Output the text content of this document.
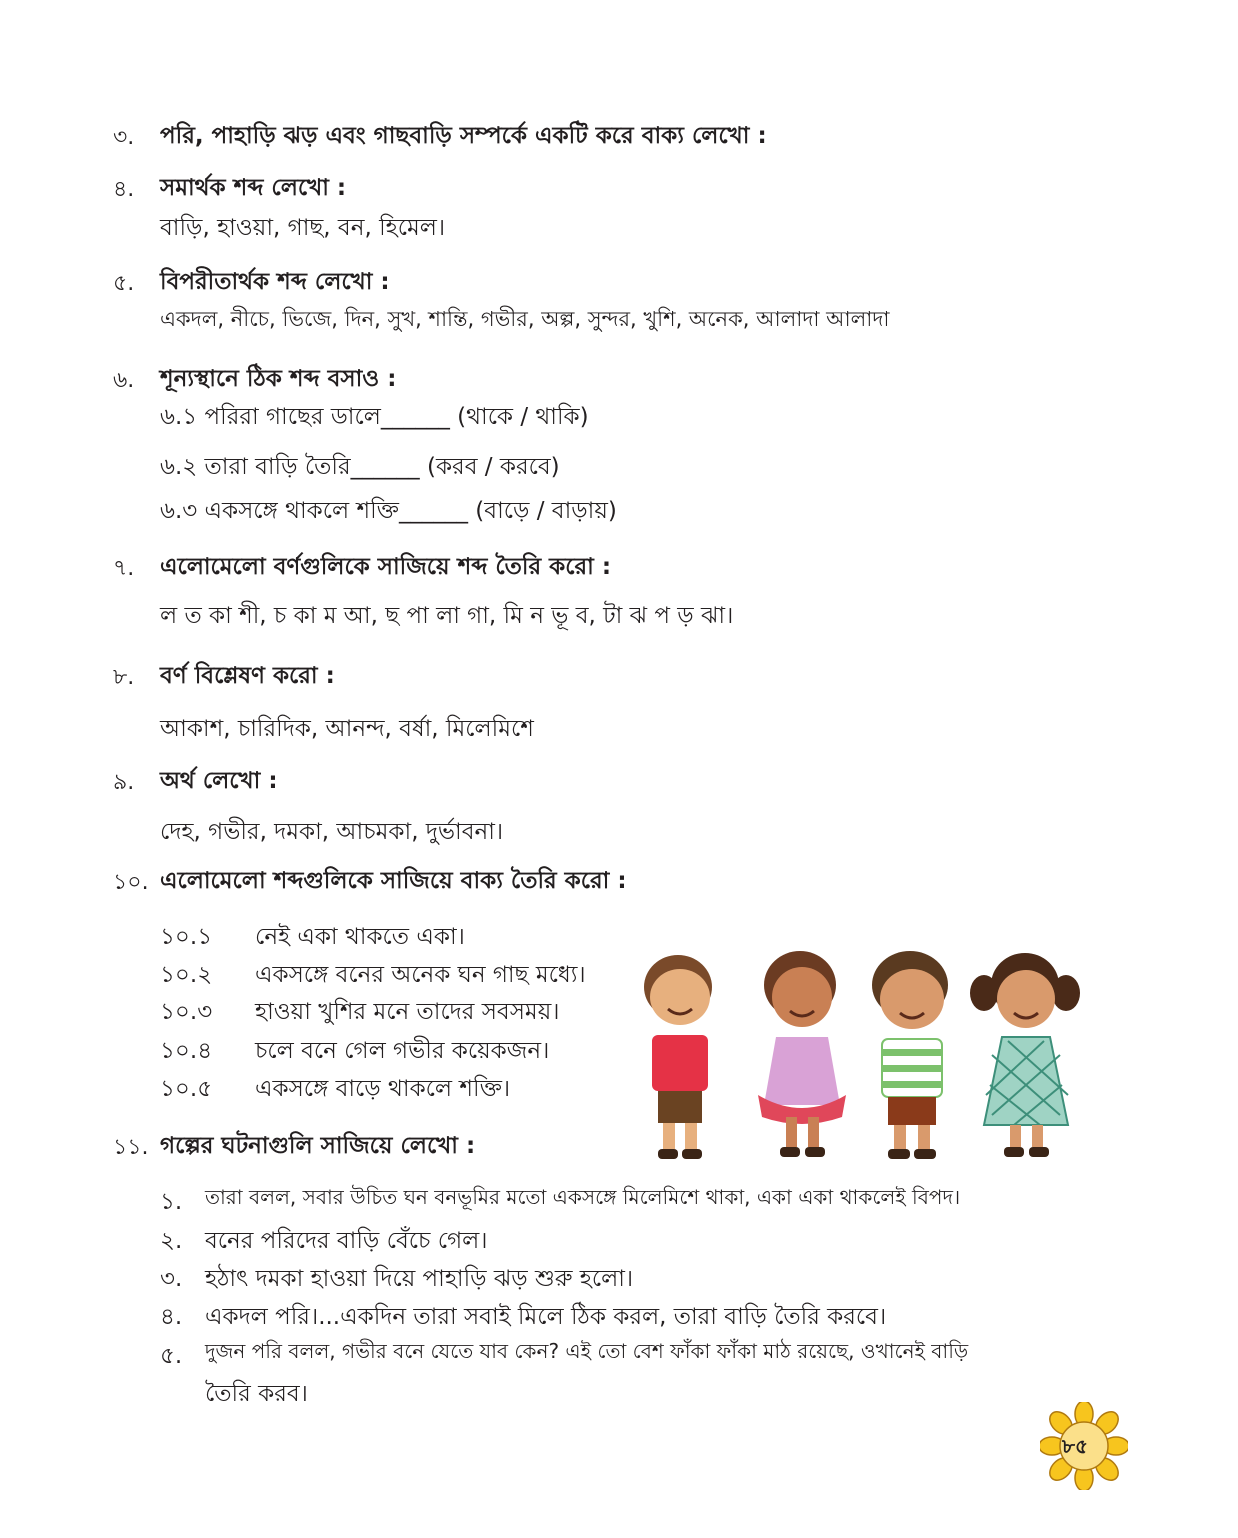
৩. পরি, পাহাড়ি ঝড় এবং গাছবাড়ি সম্পর্কে একটি করে বাক্য লেখো :
৪. সমার্থক শব্দ লেখো :
বাড়ি, হাওয়া, গাছ, বন, হিমেল।
৫. বিপরীতার্থক শব্দ লেখো :
একদল, নীচে, ভিজে, দিন, সুখ, শান্তি, গভীর, অল্প, সুন্দর, খুশি, অনেক, আলাদা আলাদা
৬. শূন্যস্থানে ঠিক শব্দ বসাও :
৬.১ পরিরা গাছের ডালে______ (থাকে / থাকি)
৬.২ তারা বাড়ি তৈরি______ (করব / করবে)
৬.৩ একসঙ্গে থাকলে শক্তি______ (বাড়ে / বাড়ায়)
৭. এলোমেলো বর্ণগুলিকে সাজিয়ে শব্দ তৈরি করো :
ল ত কা শী, চ কা ম আ, ছ পা লা গা, মি ন ভূ ব, টা ঝ প ড় ঝা।
৮. বর্ণ বিশ্লেষণ করো :
আকাশ, চারিদিক, আনন্দ, বর্ষা, মিলেমিশে
৯. অর্থ লেখো :
দেহ, গভীর, দমকা, আচমকা, দুর্ভাবনা।
১০. এলোমেলো শব্দগুলিকে সাজিয়ে বাক্য তৈরি করো :
১০.১ নেই একা থাকতে একা।
১০.২ একসঙ্গে বনের অনেক ঘন গাছ মধ্যে।
১০.৩ হাওয়া খুশির মনে তাদের সবসময়।
১০.৪ চলে বনে গেল গভীর কয়েকজন।
১০.৫ একসঙ্গে বাড়ে থাকলে শক্তি।
১১. গল্পের ঘটনাগুলি সাজিয়ে লেখো :
১. তারা বলল, সবার উচিত ঘন বনভূমির মতো একসঙ্গে মিলেমিশে থাকা, একা একা থাকলেই বিপদ।
২. বনের পরিদের বাড়ি বেঁচে গেল।
৩. হঠাৎ দমকা হাওয়া দিয়ে পাহাড়ি ঝড় শুরু হলো।
৪. একদল পরি।...একদিন তারা সবাই মিলে ঠিক করল, তারা বাড়ি তৈরি করবে।
৫. দুজন পরি বলল, গভীর বনে যেতে যাব কেন? এই তো বেশ ফাঁকা ফাঁকা মাঠ রয়েছে, ওখানেই বাড়ি
তৈরি করব।
৮৫
